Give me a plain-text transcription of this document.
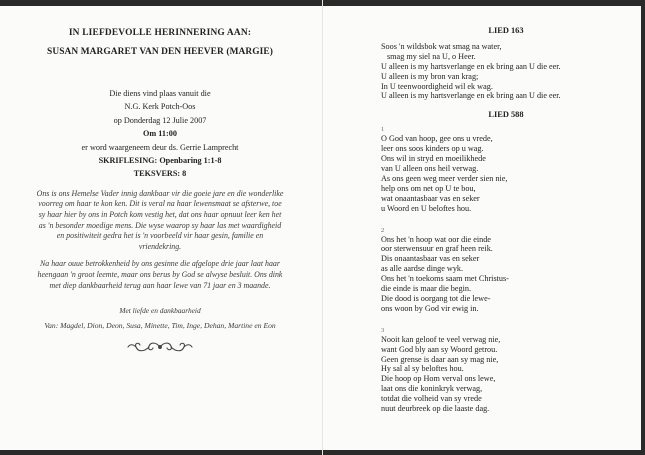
IN LIEFDEVOLLE HERINNERING AAN:
SUSAN MARGARET VAN DEN HEEVER (MARGIE)
Die diens vind plaas vanuit die
N.G. Kerk Potch-Oos
op Donderdag 12 Julie 2007
Om 11:00
er word waargeneem deur ds. Gerrie Lamprecht
SKRIFLESING: Openbaring 1:1-8
TEKSVERS: 8

Ons is ons Hemelse Vader innig dankbaar vir die goeie jare en die wonderlike
voorreg om haar te kon ken. Dit is veral na haar lewensmaat se afsterwe, toe
sy haar hier by ons in Potch kom vestig het, dat ons haar opnuut leer ken het
as 'n besonder moedige mens. Die wyse waarop sy haar las met waardigheid
en positiwiteit gedra het is 'n voorbeeld vir haar gesin, familie en
vriendekring.

Na haar ouue betrokkenheid by ons gesinne die afgelope drie jaar laat haar
heengaan 'n groot leemte, maar ons berus by God se alwyse besluit. Ons dink
met diep dankbaarheid terug aan haar lewe van 71 jaar en 3 maande.

Met liefde en dankbaarheid
Van: Magdel, Dion, Deon, Susa, Minette, Tim, Inge, Dehan, Martine en Eon
LIED 163
Soos 'n wildsbok wat smag na water,
smag my siel na U, o Heer.
U alleen is my hartsverlange en ek bring aan U die eer.
U alleen is my bron van krag;
In U teenwoordigheid wil ek wag.
U alleen is my hartsverlange en ek bring aan U die eer.
LIED 588
1
O God van hoop, gee ons u vrede,
leer ons soos kinders op u wag.
Ons wil in stryd en moeilikhede
van U alleen ons heil verwag.
As ons geen weg meer verder sien nie,
help ons om net op U te bou,
wat onaantasbaar vas en seker
u Woord en U beloftes hou.
2
Ons het 'n hoop wat oor die einde
oor sterwensuur en graf heen reik.
Dis onaantasbaar vas en seker
as alle aardse dinge wyk.
Ons het 'n toekoms saam met Christus-
die einde is maar die begin.
Die dood is oorgang tot die lewe-
ons woon by God vir ewig in.
3
Nooit kan geloof te veel verwag nie,
want God bly aan sy Woord getrou.
Geen grense is daar aan sy mag nie,
Hy sal al sy beloftes hou.
Die hoop op Hom verval ons lewe,
laat ons die koninkryk verwag,
totdat die volheid van sy vrede
nuut deurbreek op die laaste dag.
